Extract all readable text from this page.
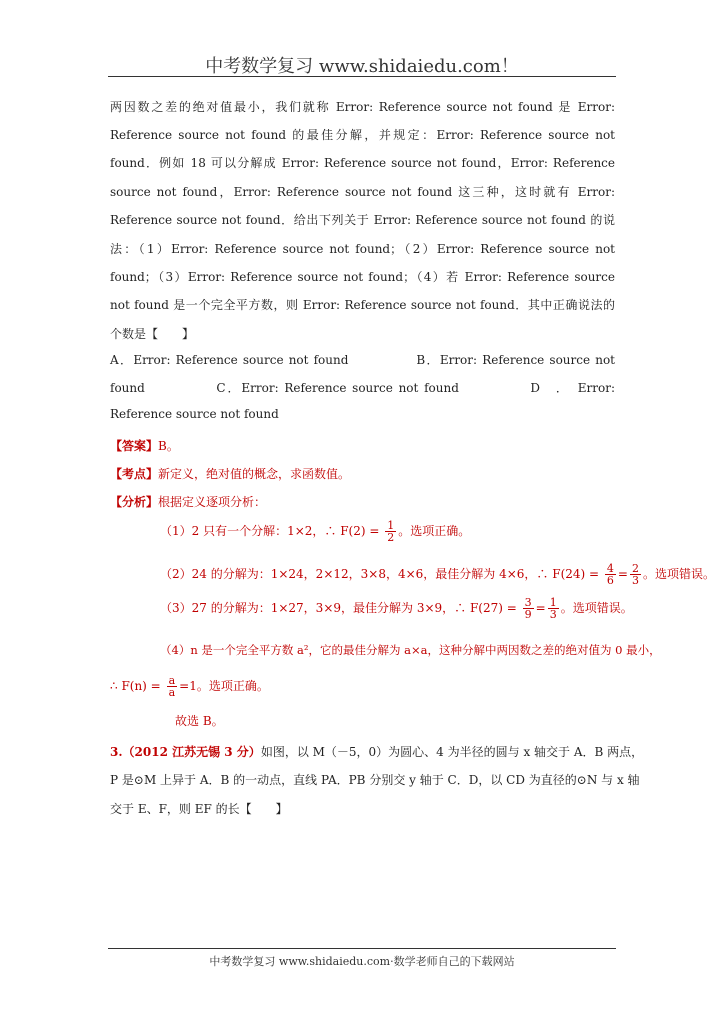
中考数学复习 www.shidaiedu.com！
两因数之差的绝对值最小，我们就称 Error: Reference source not found 是 Error:
Reference source not found 的最佳分解，并规定：Error: Reference source not
found．例如 18 可以分解成 Error: Reference source not found，Error: Reference
source not found，Error: Reference source not found 这三种，这时就有 Error:
Reference source not found．给出下列关于 Error: Reference source not found 的说
法：（1）Error: Reference source not found；（2）Error: Reference source not
found；（3）Error: Reference source not found；（4）若 Error: Reference source
not found 是一个完全平方数，则 Error: Reference source not found．其中正确说法的
个数是【　　】
A．Error: Reference source not found　　　　　B．Error: Reference source not
found　　　　　C．Error: Reference source not found　　　　　D　．　Error:
Reference source not found
【答案】B。
【考点】新定义，绝对值的概念，求函数值。
【分析】根据定义逐项分析：
（1）2 只有一个分解：1×2，∴ $F(2) = \frac{1}{2}$ 。选项正确。
（2）24 的分解为：1×24，2×12，3×8，4×6，最佳分解为 4×6，∴ $F(24) = \frac{4}{6} = \frac{2}{3}$ 。选项错误。
（3）27 的分解为：1×27，3×9，最佳分解为 3×9，∴ $F(27) = \frac{3}{9} = \frac{1}{3}$ 。选项错误。
（4）n 是一个完全平方数 a²，它的最佳分解为 a×a，这种分解中两因数之差的绝对值为 0 最小，
∴ $F(n) = \frac{a}{a} =1$。选项正确。
故选 B。
3.（2012 江苏无锡 3 分）如图，以 M（－5，0）为圆心、4 为半径的圆与 x 轴交于 A．B 两点，
P 是⊙M 上异于 A．B 的一动点，直线 PA．PB 分别交 y 轴于 C．D，以 CD 为直径的⊙N 与 x 轴
交于 E、F，则 EF 的长【　　】
中考数学复习 www.shidaiedu.com·数学老师自己的下载网站
